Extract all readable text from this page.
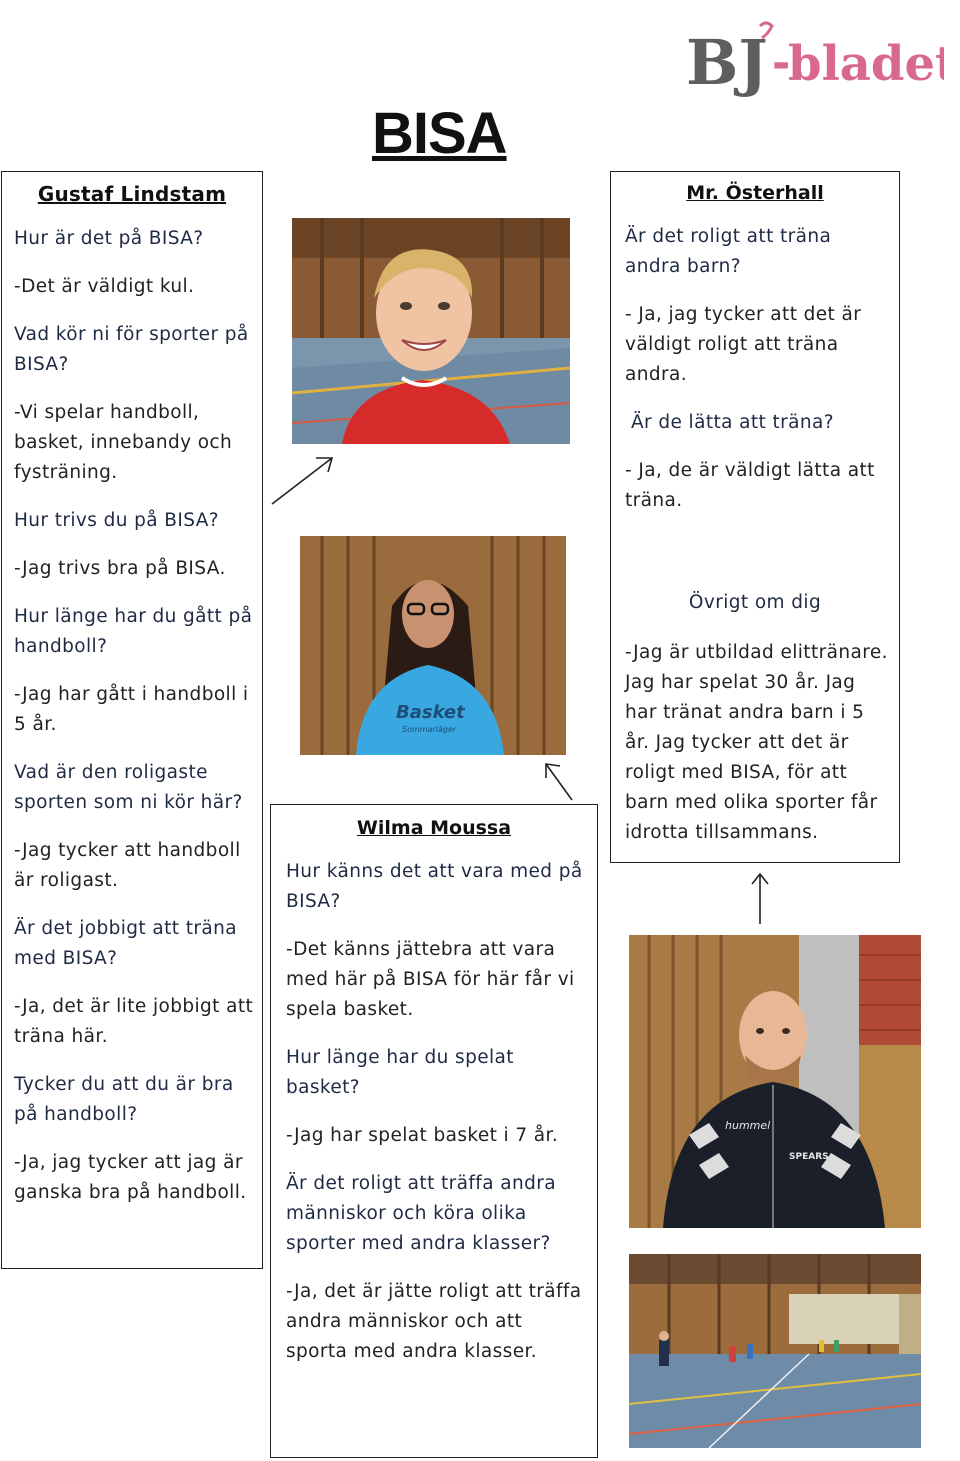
BJ -
bladet
BISA
Gustaf Lindstam

Hur är det på BISA?

-Det är väldigt kul.

Vad kör ni för sporter på BISA?

-Vi spelar handboll, basket, innebandy och fysträning.

Hur trivs du på BISA?

-Jag trivs bra på BISA.

Hur länge har du gått på handboll?

-Jag har gått i handboll i 5 år.

Vad är den roligaste sporten som ni kör här?

-Jag tycker att handboll är roligast.

Är det jobbigt att träna med BISA?

-Ja, det är lite jobbigt att träna här.

Tycker du att du är bra på handboll?

-Ja, jag tycker att jag är ganska bra på handboll.

Basket
Sommarläger
Wilma Moussa

Hur känns det att vara med på BISA?

-Det känns jättebra att vara med här på BISA för här får vi spela basket.

Hur länge har du spelat basket?

-Jag har spelat basket i 7 år.

Är det roligt att träffa andra människor och köra olika sporter med andra klasser?

-Ja, det är jätte roligt att träffa andra människor och att sporta med andra klasser.

Mr. Österhall

Är det roligt att träna andra barn?

- Ja, jag tycker att det är väldigt roligt att träna andra.

Är de lätta att träna?

- Ja, de är väldigt lätta att träna.

Övrigt om dig

-Jag är utbildad elittränare. Jag har spelat 30 år. Jag har tränat andra barn i 5 år. Jag tycker att det är roligt med BISA, för att barn med olika sporter får idrotta tillsammans.

hummel
SPEARS
